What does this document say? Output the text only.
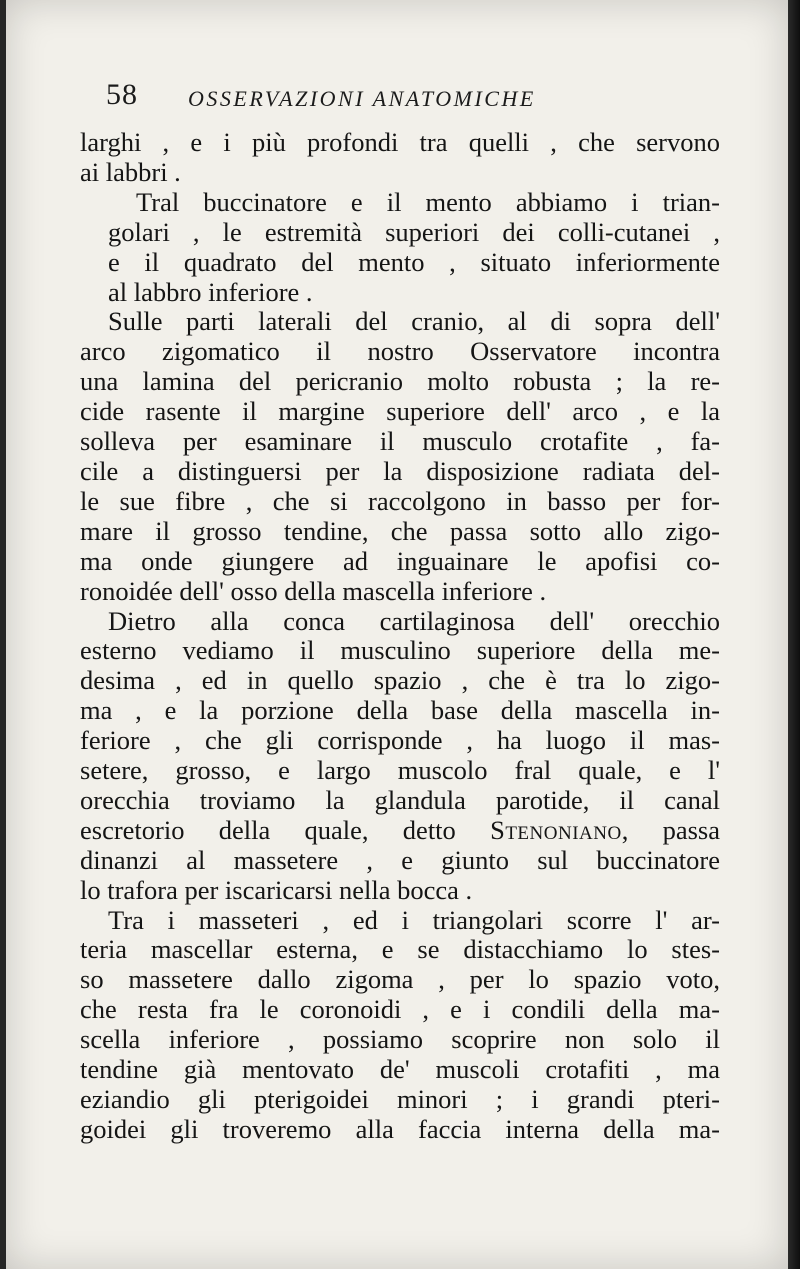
58 OSSERVAZIONI ANATOMICHE

larghi , e i più profondi tra quelli , che servono
ai labbri .

Tral buccinatore e il mento abbiamo i trian-
golari , le estremità superiori dei colli-cutanei ,
e il quadrato del mento , situato inferiormente
al labbro inferiore .

Sulle parti laterali del cranio, al di sopra dell'
arco zigomatico il nostro Osservatore incontra
una lamina del pericranio molto robusta ; la re-
cide rasente il margine superiore dell' arco , e la
solleva per esaminare il musculo crotafite , fa-
cile a distinguersi per la disposizione radiata del-
le sue fibre , che si raccolgono in basso per for-
mare il grosso tendine, che passa sotto allo zigo-
ma onde giungere ad inguainare le apofisi co-
ronoidée dell' osso della mascella inferiore .

Dietro alla conca cartilaginosa dell' orecchio
esterno vediamo il musculino superiore della me-
desima , ed in quello spazio , che è tra lo zigo-
ma , e la porzione della base della mascella in-
feriore , che gli corrisponde , ha luogo il mas-
setere, grosso, e largo muscolo fral quale, e l'
orecchia troviamo la glandula parotide, il canal
escretorio della quale, detto Stenoniano, passa
dinanzi al massetere , e giunto sul buccinatore
lo trafora per iscaricarsi nella bocca .

Tra i masseteri , ed i triangolari scorre l' ar-
teria mascellar esterna, e se distacchiamo lo stes-
so massetere dallo zigoma , per lo spazio voto,
che resta fra le coronoidi , e i condili della ma-
scella inferiore , possiamo scoprire non solo il
tendine già mentovato de' muscoli crotafiti , ma
eziandio gli pterigoidei minori ; i grandi pteri-
goidei gli troveremo alla faccia interna della ma-
